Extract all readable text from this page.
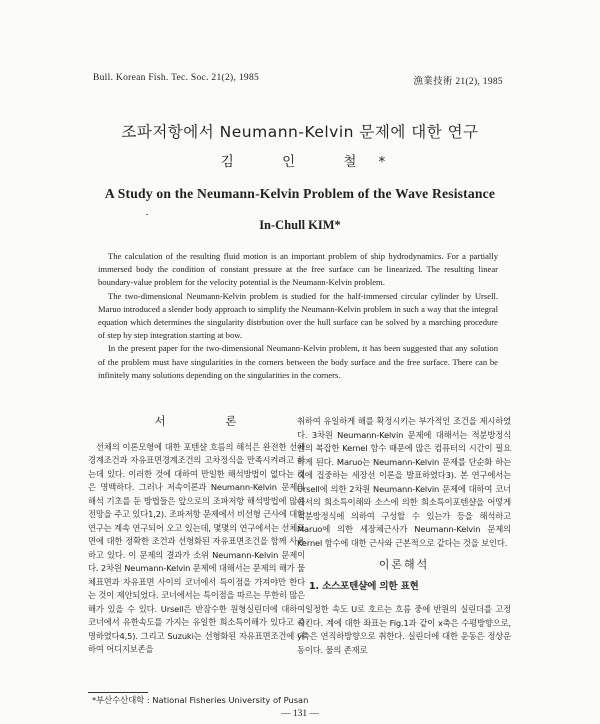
Bull. Korean Fish. Tec. Soc. 21(2), 1985	漁業技術 21(2), 1985
조파저항에서 Neumann-Kelvin 문제에 대한 연구
김 인 철*
A Study on the Neumann-Kelvin Problem of the Wave Resistance
In-Chull KIM*

The calculation of the resulting fluid motion is an important problem of ship hydrodynamics. For a partially immersed body the condition of constant pressure at the free surface can be linearized. The resulting linear boundary-value problem for the velocity potential is the Neumann-Kelvin problem.

The two-dimensional Neumann-Kelvin problem is studied for the half-immersed circular cylinder by Ursell. Maruo introduced a slender body approach to simplify the Neumann-Kelvin problem in such a way that the integral equation which determines the singularity distrbution over the hull surface can be solved by a marching procedure of step by step integration starting at bow.

In the present paper for the two-dimensional Neumann-Kelvin problem, it has been suggested that any solution of the problem must have singularities in the corners between the body surface and the free surface. There can be infinitely many solutions depending on the singularities in the corners.

서 론

선체의 이론모형에 대한 포텐샬 흐름의 해석은 완전한 선체경계조건과 자유표면경계조건의 고차정식을 만족시켜려고 하는데 있다. 이러한 것에 대하여 만일한 해석방법이 없다는 것은 명백하다. 그러나 저속이론과 Neumann-Kelvin 문제의 해석 기초를 둔 방법들은 앞으로의 조파저항 해석방법에 많은 전망을 주고 있다1,2). 조파저항 문제에서 비선형 근사에 대한 연구는 계속 연구되어 오고 있는데, 몇몇의 연구에서는 선체표면에 대한 정확한 조건과 선형화된 자유표면조건을 함께 사용하고 있다. 이 문제의 결과가 소위 Neumann-Kelvin 문제이다. 2차원 Neumann-Kelvin 문제에 대해서는 문제의 해가 물체표면과 자유표면 사이의 코너에서 특이점을 가져야만 한다는 것이 제안되었다. 코너에서는 특이점을 따르는 무한히 많은 해가 있을 수 있다. Ursell은 반잠수한 원형실린더에 대하여 코너에서 유한속도를 가지는 유일한 희소특이해가 있다고 증명하였다4,5). 그리고 Suzuki는 선형화된 자유표면조건에 대하여 어디지보존을

취하여 유일하게 해를 확정시키는 부가적인 조건을 제시하였다. 3차원 Neumann-Kelvin 문제에 대해서는 적분방정식 안의 복잡한 Kernel 함수 때문에 많은 컴퓨터의 시간이 필요하게 된다. Maruo는 Neumann-Kelvin 문제를 단순화 하는 데에 집중하는 세장선 이론을 발표하였다3). 본 연구에서는 Ursell에 의한 2차원 Neumann-Kelvin 문제에 대하여 코너에서의 희소특이해와 소스에 의한 희소특이포텐샬을 어떻게 적분방정식에 의하여 구성할 수 있는가 등을 해석하고 Maruo에 의한 세장체근사가 Neumann-Kelvin 문제의 Kernel 함수에 대한 근사와 근본적으로 같다는 것을 보인다.

이론해석
1. 소스포텐샬에 의한 표현

일정한 속도 U로 호르는 흐름 중에 반원의 실린더를 고정시킨다. 계에 대한 좌표는 Fig.1과 같이 x축은 수평방향으로, y축은 연직하방향으로 취한다. 실린더에 대한 운동은 정상운동이다. 물의 존재로

*부산수산대학 : National Fisheries University of Pusan
— 131 —
